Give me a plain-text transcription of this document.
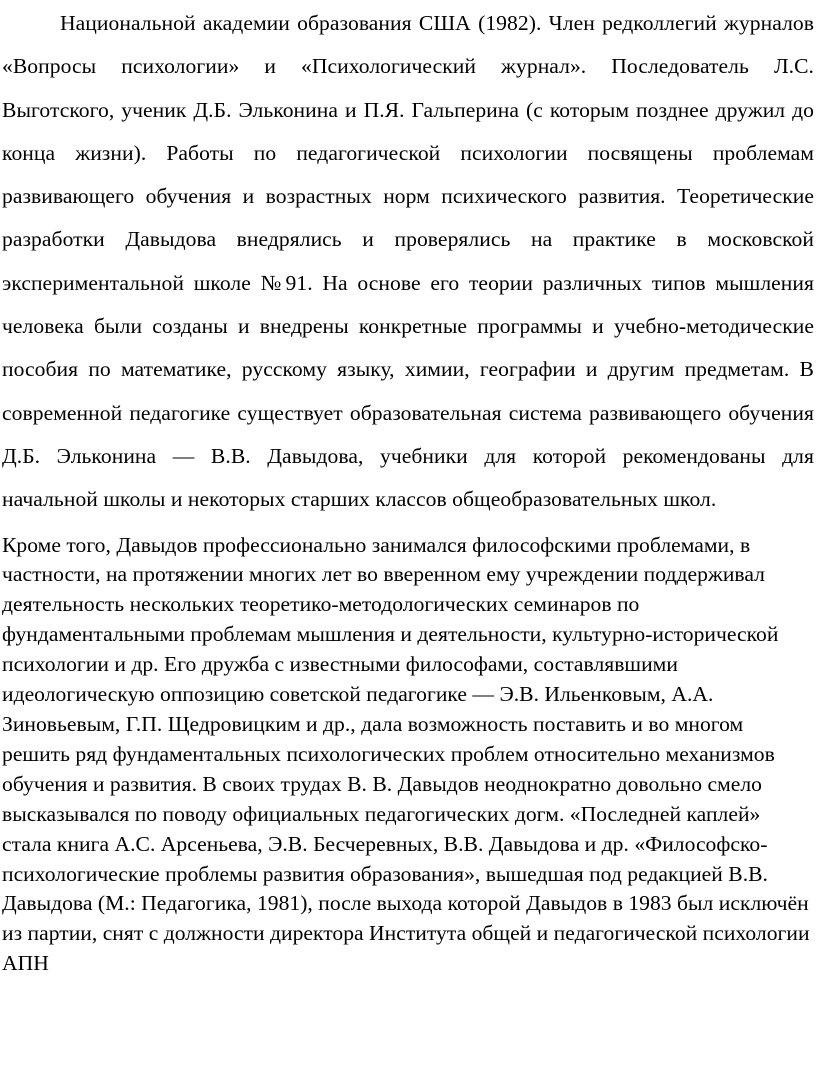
Национальной академии образования США (1982). Член редколлегий журналов «Вопросы психологии» и «Психологический журнал». Последователь Л.С. Выготского, ученик Д.Б. Эльконина и П.Я. Гальперина (с которым позднее дружил до конца жизни). Работы по педагогической психологии посвящены проблемам развивающего обучения и возрастных норм психического развития. Теоретические разработки Давыдова внедрялись и проверялись на практике в московской экспериментальной школе №91. На основе его теории различных типов мышления человека были созданы и внедрены конкретные программы и учебно-методические пособия по математике, русскому языку, химии, географии и другим предметам. В современной педагогике существует образовательная система развивающего обучения Д.Б. Эльконина — В.В. Давыдова, учебники для которой рекомендованы для начальной школы и некоторых старших классов общеобразовательных школ.

Кроме того, Давыдов профессионально занимался философскими проблемами, в частности, на протяжении многих лет во вверенном ему учреждении поддерживал деятельность нескольких теоретико-методологических семинаров по фундаментальными проблемам мышления и деятельности, культурно-исторической психологии и др. Его дружба с известными философами, составлявшими идеологическую оппозицию советской педагогике — Э.В. Ильенковым, А.А. Зиновьевым, Г.П. Щедровицким и др., дала возможность поставить и во многом решить ряд фундаментальных психологических проблем относительно механизмов обучения и развития. В своих трудах В. В. Давыдов неоднократно довольно смело высказывался по поводу официальных педагогических догм. «Последней каплей» стала книга А.С. Арсеньева, Э.В. Бесчеревных, В.В. Давыдова и др. «Философско-психологические проблемы развития образования», вышедшая под редакцией В.В. Давыдова (М.: Педагогика, 1981), после выхода которой Давыдов в 1983 был исключён из партии, снят с должности директора Института общей и педагогической психологии АПН
